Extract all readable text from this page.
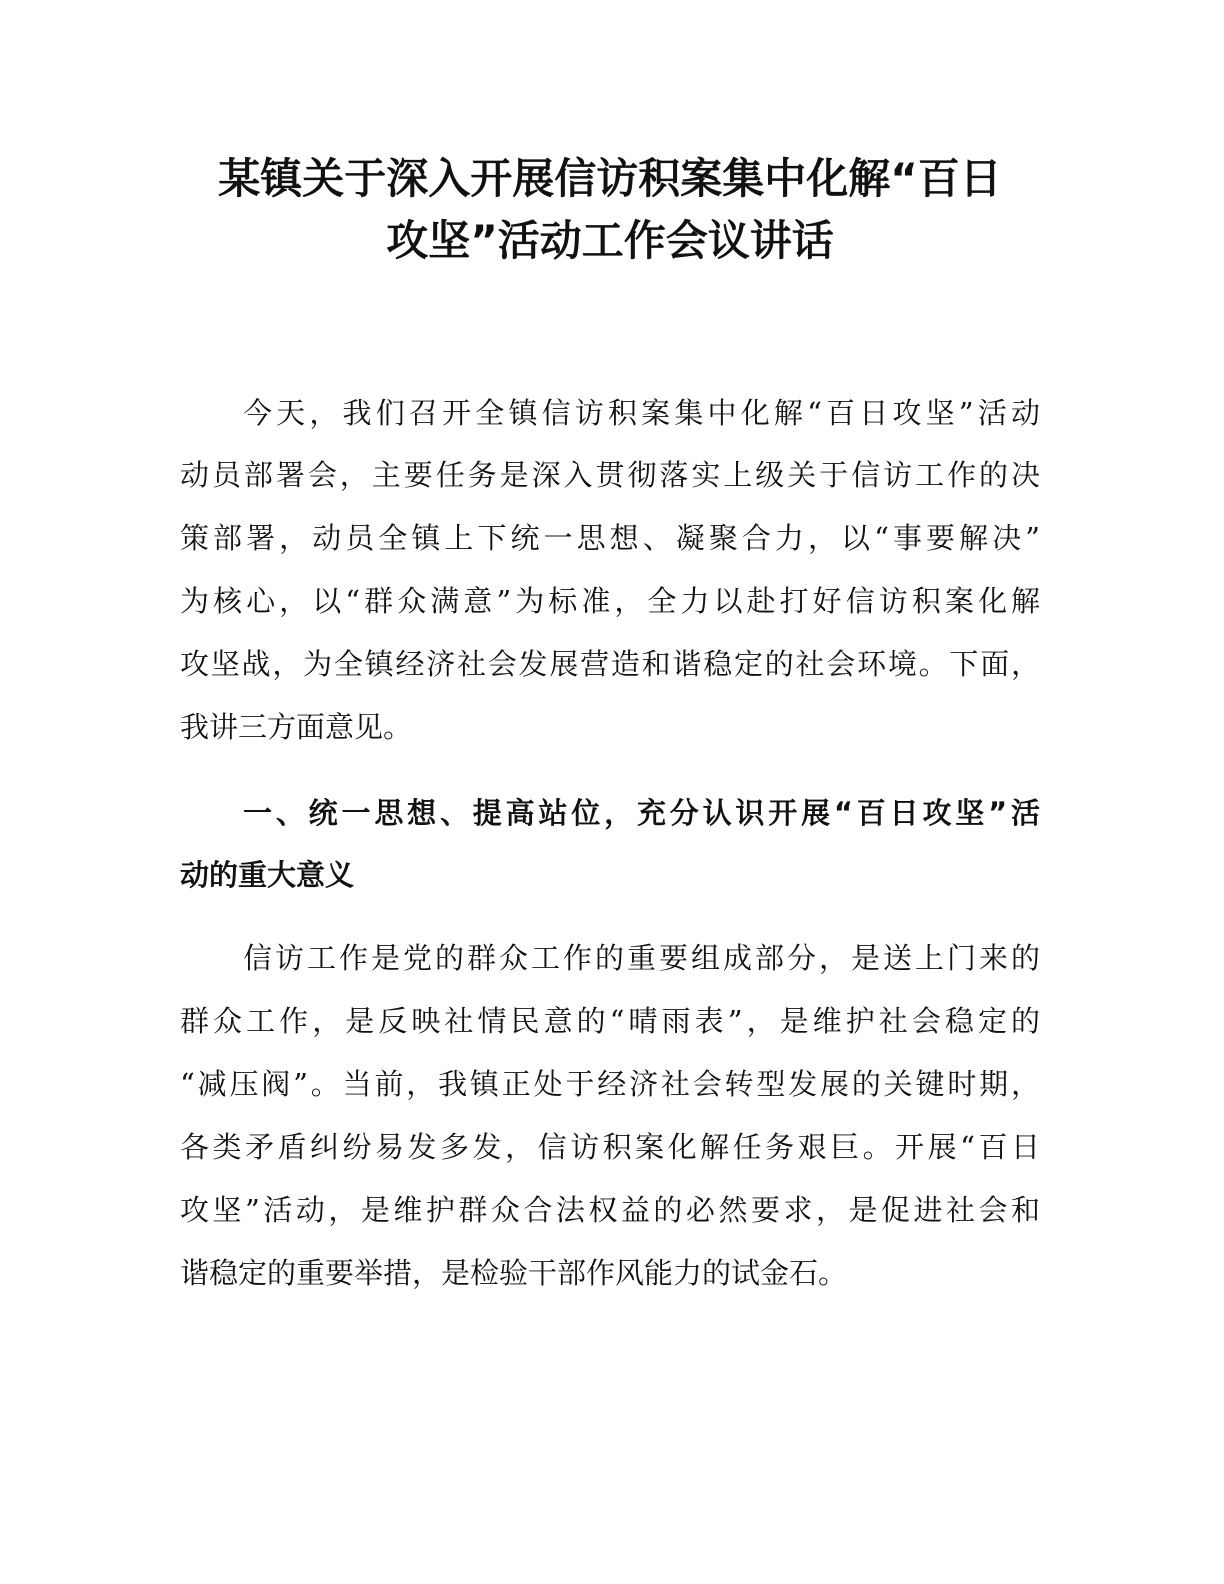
某镇关于深入开展信访积案集中化解“百日
攻坚”活动工作会议讲话

今天，我们召开全镇信访积案集中化解“百日攻坚”活动

动员部署会，主要任务是深入贯彻落实上级关于信访工作的决

策部署，动员全镇上下统一思想、凝聚合力，以“事要解决”

为核心，以“群众满意”为标准，全力以赴打好信访积案化解

攻坚战，为全镇经济社会发展营造和谐稳定的社会环境。下面，

我讲三方面意见。

一、统一思想、提高站位，充分认识开展“百日攻坚”活

动的重大意义

信访工作是党的群众工作的重要组成部分，是送上门来的

群众工作，是反映社情民意的“晴雨表”，是维护社会稳定的

“减压阀”。当前，我镇正处于经济社会转型发展的关键时期，

各类矛盾纠纷易发多发，信访积案化解任务艰巨。开展“百日

攻坚”活动，是维护群众合法权益的必然要求，是促进社会和

谐稳定的重要举措，是检验干部作风能力的试金石。
